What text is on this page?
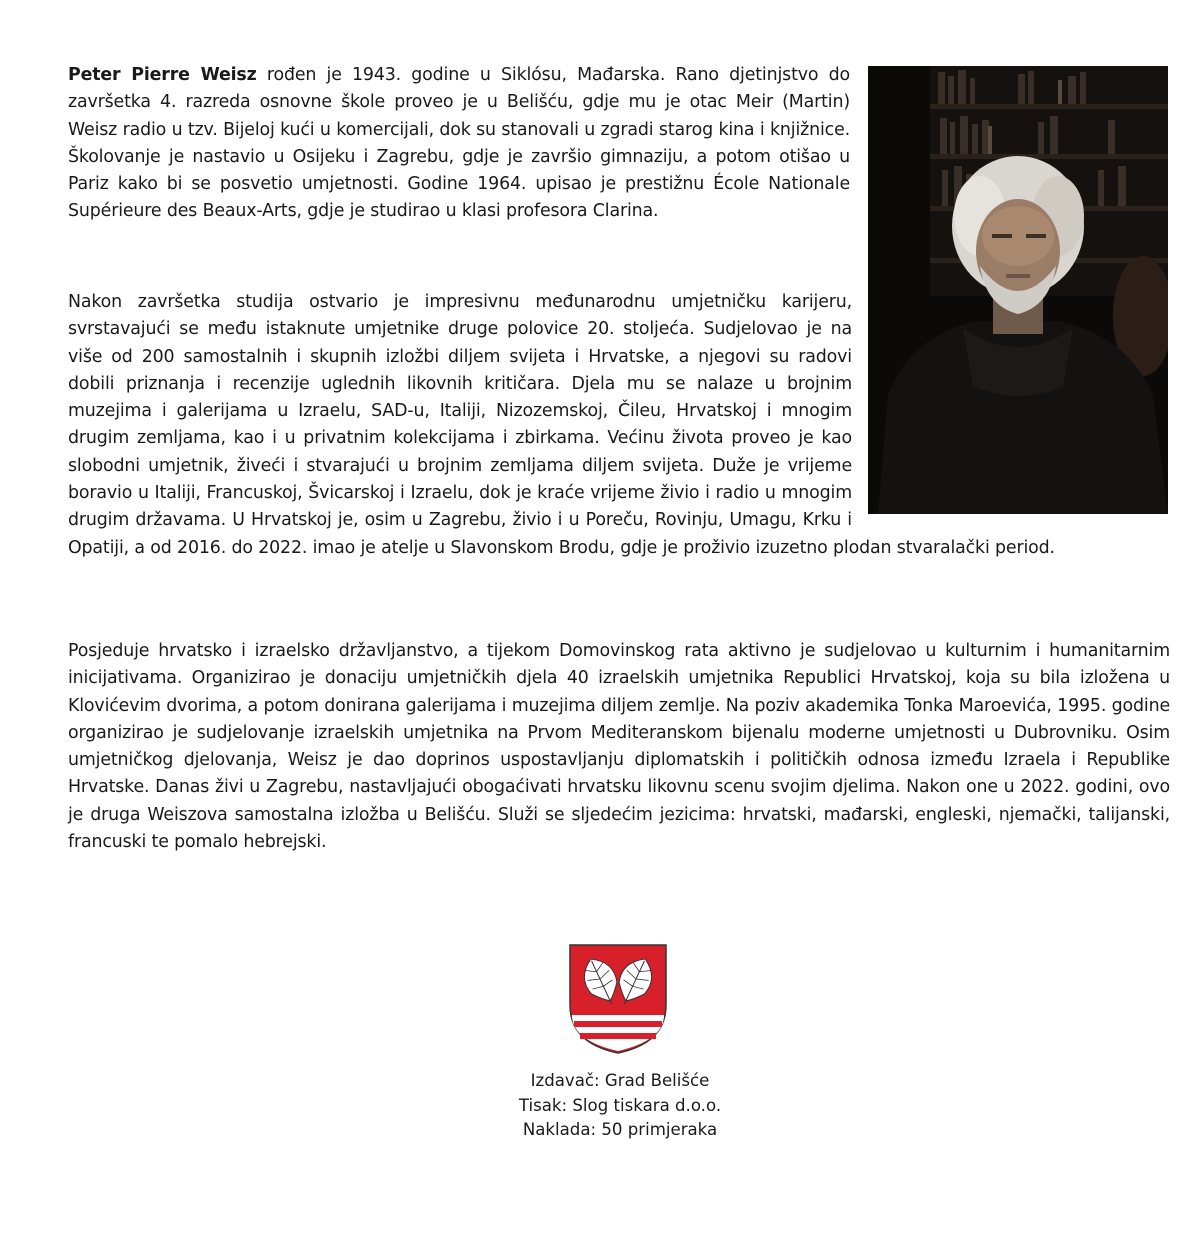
Peter Pierre Weisz rođen je 1943. godine u Siklósu, Mađarska. Rano djetinjstvo do završetka 4. razreda osnovne škole proveo je u Belišću, gdje mu je otac Meir (Martin) Weisz radio u tzv. Bijeloj kući u komercijali, dok su stanovali u zgradi starog kina i knjižnice. Školovanje je nastavio u Osijeku i Zagrebu, gdje je završio gimnaziju, a potom otišao u Pariz kako bi se posvetio umjetnosti. Godine 1964. upisao je prestižnu École Nationale Supérieure des Beaux-Arts, gdje je studirao u klasi profesora Clarina.

Nakon završetka studija ostvario je impresivnu međunarodnu umjetničku karijeru, svrstavajući se među istaknute umjetnike druge polovice 20. stoljeća. Sudjelovao je na više od 200 samostalnih i skupnih izložbi diljem svijeta i Hrvatske, a njegovi su radovi dobili priznanja i recenzije uglednih likovnih kritičara. Djela mu se nalaze u brojnim muzejima i galerijama u Izraelu, SAD-u, Italiji, Nizozemskoj, Čileu, Hrvatskoj i mnogim drugim zemljama, kao i u privatnim kolekcijama i zbirkama. Većinu života proveo je kao slobodni umjetnik, živeći i stvarajući u brojnim zemljama diljem svijeta. Duže je vrijeme boravio u Italiji, Francuskoj, Švicarskoj i Izraelu, dok je kraće vrijeme živio i radio u mnogim drugim državama. U Hrvatskoj je, osim u Zagrebu, živio i u Poreču, Rovinju, Umagu, Krku i Opatiji, a od 2016. do 2022. imao je atelje u Slavonskom Brodu, gdje je proživio izuzetno plodan stvaralački period.

Posjeduje hrvatsko i izraelsko državljanstvo, a tijekom Domovinskog rata aktivno je sudjelovao u kulturnim i humanitarnim inicijativama. Organizirao je donaciju umjetničkih djela 40 izraelskih umjetnika Republici Hrvatskoj, koja su bila izložena u Klovićevim dvorima, a potom donirana galerijama i muzejima diljem zemlje. Na poziv akademika Tonka Maroevića, 1995. godine organizirao je sudjelovanje izraelskih umjetnika na Prvom Mediteranskom bijenalu moderne umjetnosti u Dubrovniku. Osim umjetničkog djelovanja, Weisz je dao doprinos uspostavljanju diplomatskih i političkih odnosa između Izraela i Republike Hrvatske. Danas živi u Zagrebu, nastavljajući obogaćivati hrvatsku likovnu scenu svojim djelima. Nakon one u 2022. godini, ovo je druga Weiszova samostalna izložba u Belišću. Služi se sljedećim jezicima: hrvatski, mađarski, engleski, njemački, talijanski, francuski te pomalo hebrejski.

Izdavač: Grad Belišće
Tisak: Slog tiskara d.o.o.
Naklada: 50 primjeraka
